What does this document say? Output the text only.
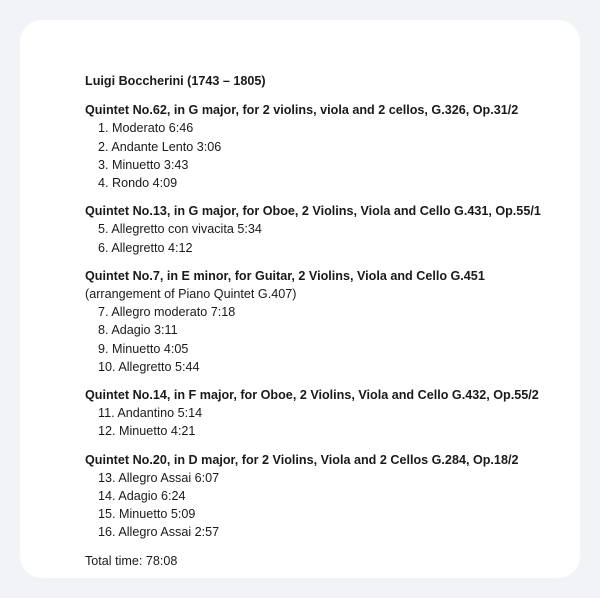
Luigi Boccherini (1743 – 1805)
Quintet No.62, in G major, for 2 violins, viola and 2 cellos, G.326, Op.31/2
1. Moderato 6:46
2. Andante Lento 3:06
3. Minuetto 3:43
4. Rondo 4:09
Quintet No.13, in G major, for Oboe, 2 Violins, Viola and Cello G.431, Op.55/1
5. Allegretto con vivacita 5:34
6. Allegretto 4:12
Quintet No.7, in E minor, for Guitar, 2 Violins, Viola and Cello G.451
(arrangement of Piano Quintet G.407)
7. Allegro moderato 7:18
8. Adagio 3:11
9. Minuetto 4:05
10. Allegretto 5:44
Quintet No.14, in F major, for Oboe, 2 Violins, Viola and Cello G.432, Op.55/2
11. Andantino 5:14
12. Minuetto 4:21
Quintet No.20, in D major, for 2 Violins, Viola and 2 Cellos G.284, Op.18/2
13. Allegro Assai 6:07
14. Adagio 6:24
15. Minuetto 5:09
16. Allegro Assai 2:57
Total time: 78:08
